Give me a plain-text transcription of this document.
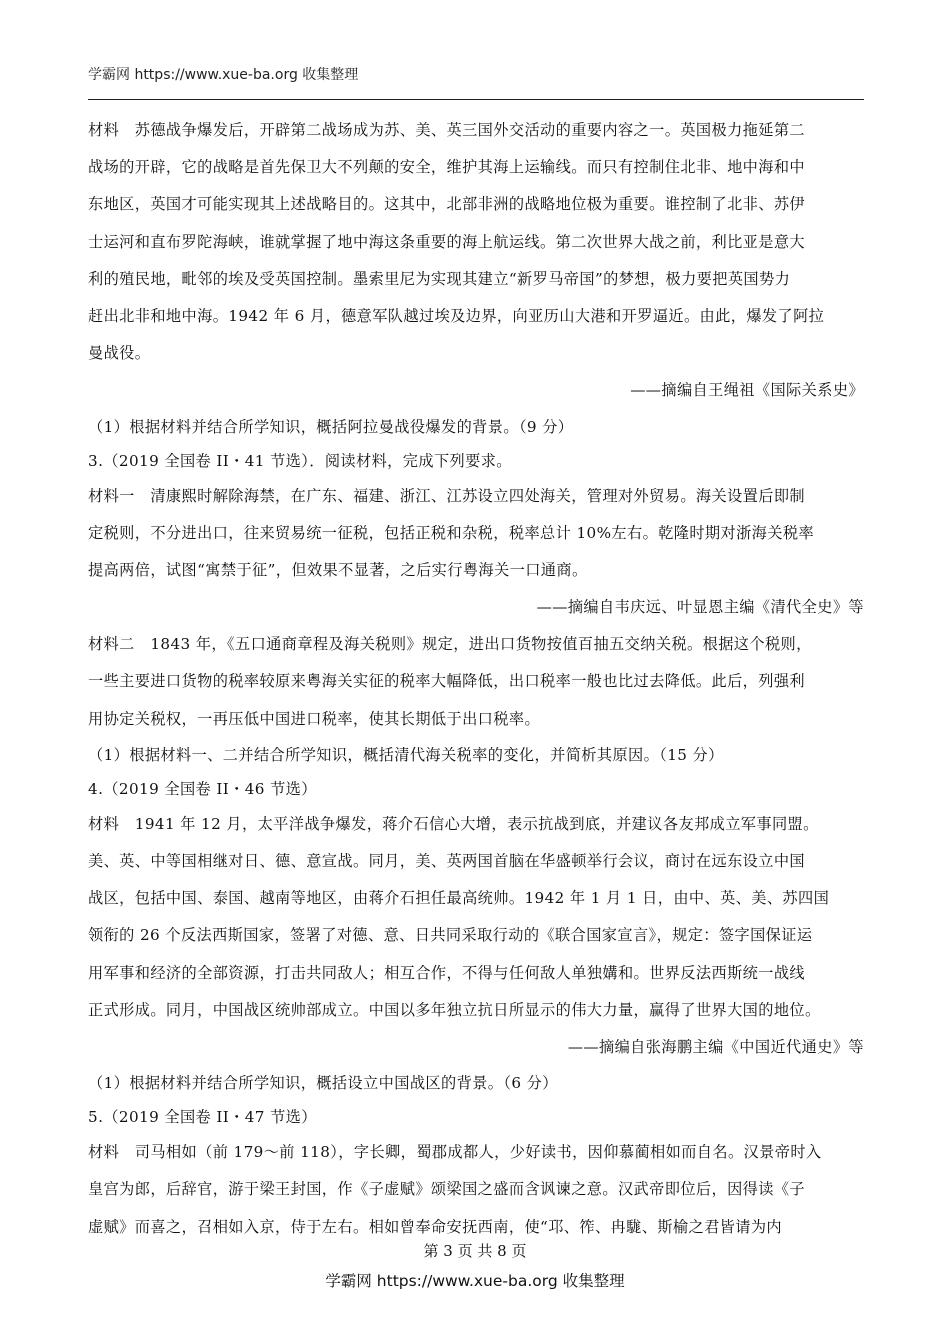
学霸网 https://www.xue-ba.org 收集整理
材料　苏德战争爆发后，开辟第二战场成为苏、美、英三国外交活动的重要内容之一。英国极力拖延第二
战场的开辟，它的战略是首先保卫大不列颠的安全，维护其海上运输线。而只有控制住北非、地中海和中
东地区，英国才可能实现其上述战略目的。这其中，北部非洲的战略地位极为重要。谁控制了北非、苏伊
士运河和直布罗陀海峡，谁就掌握了地中海这条重要的海上航运线。第二次世界大战之前，利比亚是意大
利的殖民地，毗邻的埃及受英国控制。墨索里尼为实现其建立“新罗马帝国”的梦想，极力要把英国势力
赶出北非和地中海。1942 年 6 月，德意军队越过埃及边界，向亚历山大港和开罗逼近。由此，爆发了阿拉
曼战役。
——摘编自王绳祖《国际关系史》
（1）根据材料并结合所学知识，概括阿拉曼战役爆发的背景。（9 分）
3.（2019 全国卷 II・41 节选）．阅读材料，完成下列要求。
材料一　清康熙时解除海禁，在广东、福建、浙江、江苏设立四处海关，管理对外贸易。海关设置后即制
定税则，不分进出口，往来贸易统一征税，包括正税和杂税，税率总计 10%左右。乾隆时期对浙海关税率
提高两倍，试图“寓禁于征”，但效果不显著，之后实行粤海关一口通商。
——摘编自韦庆远、叶显恩主编《清代全史》等
材料二　1843 年，《五口通商章程及海关税则》规定，进出口货物按值百抽五交纳关税。根据这个税则，
一些主要进口货物的税率较原来粤海关实征的税率大幅降低，出口税率一般也比过去降低。此后，列强利
用协定关税权，一再压低中国进口税率，使其长期低于出口税率。
（1）根据材料一、二并结合所学知识，概括清代海关税率的变化，并简析其原因。（15 分）
4.（2019 全国卷 II・46 节选）
材料　1941 年 12 月，太平洋战争爆发，蒋介石信心大增，表示抗战到底，并建议各友邦成立军事同盟。
美、英、中等国相继对日、德、意宣战。同月，美、英两国首脑在华盛顿举行会议，商讨在远东设立中国
战区，包括中国、泰国、越南等地区，由蒋介石担任最高统帅。1942 年 1 月 1 日，由中、英、美、苏四国
领衔的 26 个反法西斯国家，签署了对德、意、日共同采取行动的《联合国家宣言》，规定：签字国保证运
用军事和经济的全部资源，打击共同敌人；相互合作，不得与任何敌人单独媾和。世界反法西斯统一战线
正式形成。同月，中国战区统帅部成立。中国以多年独立抗日所显示的伟大力量，赢得了世界大国的地位。
——摘编自张海鹏主编《中国近代通史》等
（1）根据材料并结合所学知识，概括设立中国战区的背景。（6 分）
5.（2019 全国卷 II・47 节选）
材料　司马相如（前 179～前 118），字长卿，蜀郡成都人，少好读书，因仰慕蔺相如而自名。汉景帝时入
皇宫为郎，后辞官，游于梁王封国，作《子虚赋》颂梁国之盛而含讽谏之意。汉武帝即位后，因得读《子
虚赋》而喜之，召相如入京，侍于左右。相如曾奉命安抚西南，使“邛、筰、冉駹、斯榆之君皆请为内
第 3 页 共 8 页
学霸网 https://www.xue-ba.org 收集整理
